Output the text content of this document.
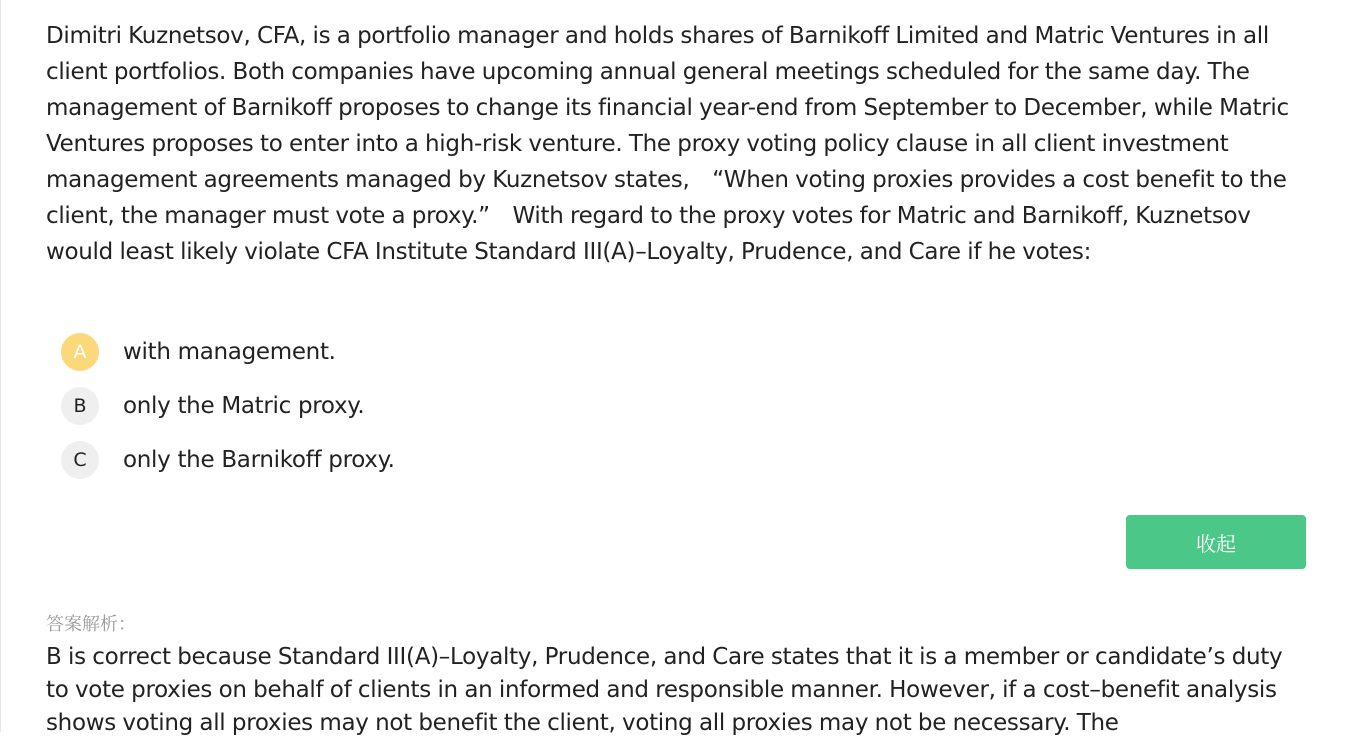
Dimitri Kuznetsov, CFA, is a portfolio manager and holds shares of Barnikoff Limited and Matric Ventures in all client portfolios. Both companies have upcoming annual general meetings scheduled for the same day. The management of Barnikoff proposes to change its financial year-end from September to December, while Matric Ventures proposes to enter into a high-risk venture. The proxy voting policy clause in all client investment management agreements managed by Kuznetsov states,　“When voting proxies provides a cost benefit to the client, the manager must vote a proxy.”　With regard to the proxy votes for Matric and Barnikoff, Kuznetsov would least likely violate CFA Institute Standard III(A)–Loyalty, Prudence, and Care if he votes:
A	with management.
B	only the Matric proxy.
C	only the Barnikoff proxy.
收起
答案解析：
B is correct because Standard III(A)–Loyalty, Prudence, and Care states that it is a member or candidate’s duty to vote proxies on behalf of clients in an informed and responsible manner. However, if a cost–benefit analysis shows voting all proxies may not benefit the client, voting all proxies may not be necessary. The
